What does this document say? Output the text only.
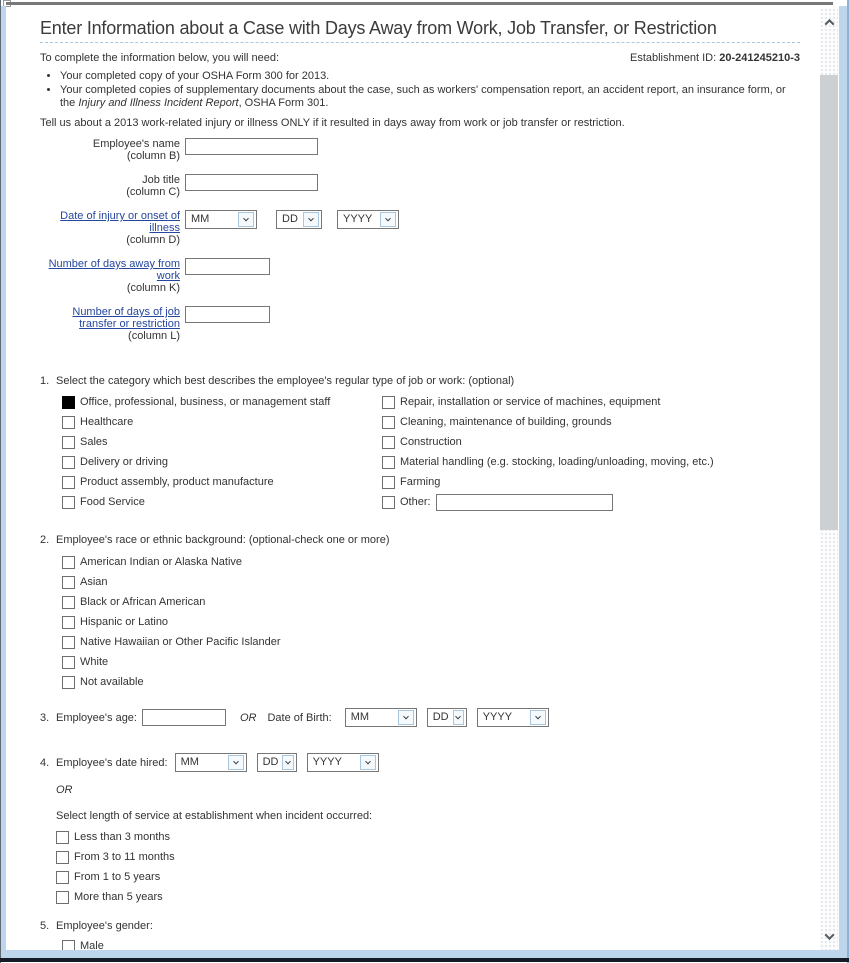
Enter Information about a Case with Days Away from Work, Job Transfer, or Restriction
To complete the information below, you will need:	Establishment ID: 20-241245210-3
• Your completed copy of your OSHA Form 300 for 2013.
• Your completed copies of supplementary documents about the case, such as workers' compensation report, an accident report, an insurance form, or the Injury and Illness Incident Report, OSHA Form 301.
Tell us about a 2013 work-related injury or illness ONLY if it resulted in days away from work or job transfer or restriction.
Employee's name
(column B)
Job title
(column C)
Date of injury or onset of illness
(column D)
MM	DD	YYYY
Number of days away from work
(column K)
Number of days of job transfer or restriction
(column L)
1. Select the category which best describes the employee's regular type of job or work: (optional)
Office, professional, business, or management staff
Healthcare
Sales
Delivery or driving
Product assembly, product manufacture
Food Service
Repair, installation or service of machines, equipment
Cleaning, maintenance of building, grounds
Construction
Material handling (e.g. stocking, loading/unloading, moving, etc.)
Farming
Other:
2. Employee's race or ethnic background: (optional-check one or more)
American Indian or Alaska Native
Asian
Black or African American
Hispanic or Latino
Native Hawaiian or Other Pacific Islander
White
Not available
3. Employee's age:	OR Date of Birth: MM	DD	YYYY
4. Employee's date hired: MM	DD	YYYY
OR
Select length of service at establishment when incident occurred:
Less than 3 months
From 3 to 11 months
From 1 to 5 years
More than 5 years
5. Employee's gender:
Male
